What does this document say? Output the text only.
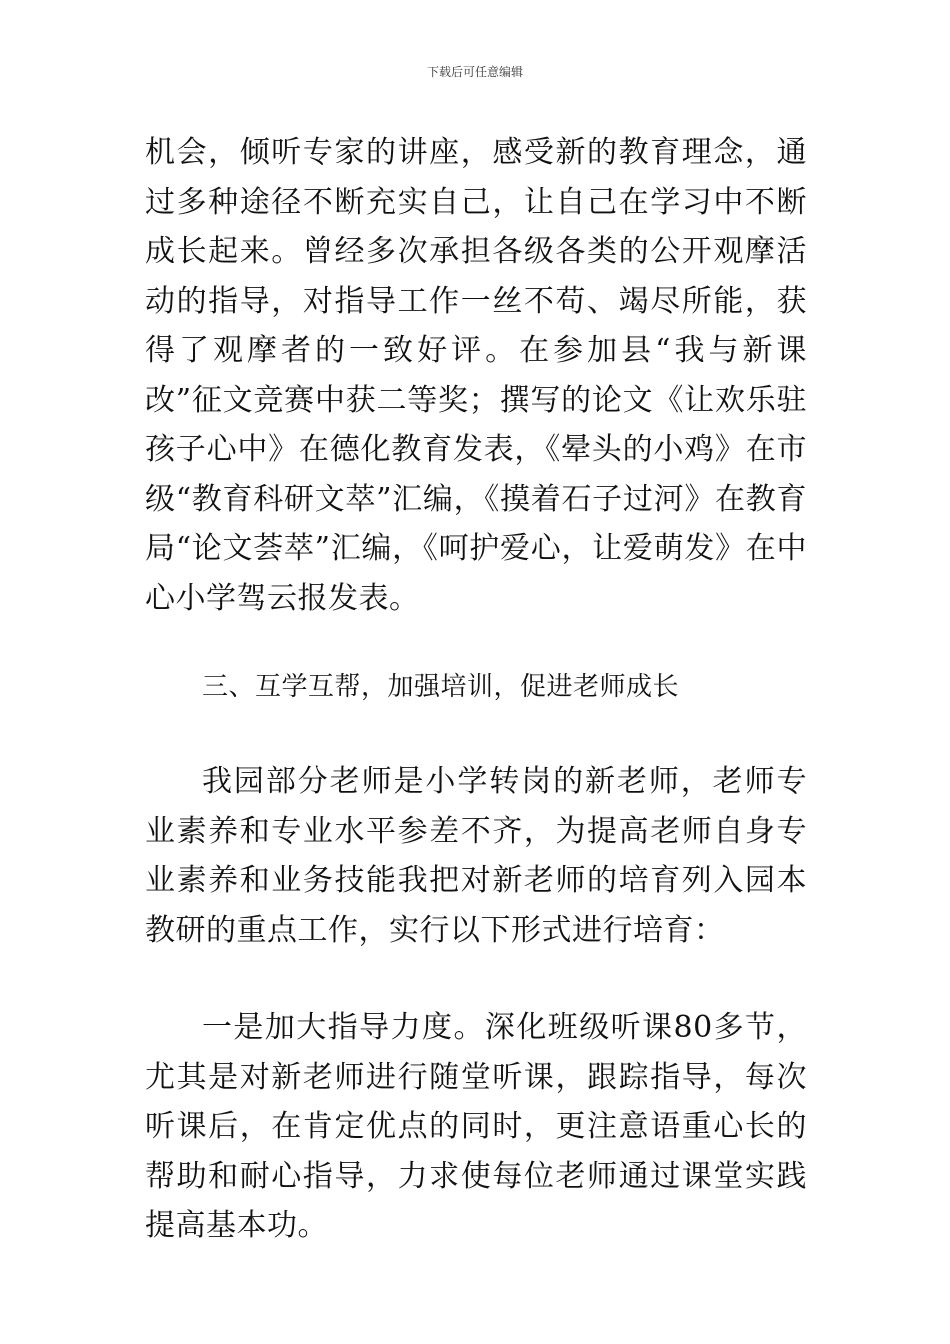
下载后可任意编辑

机会，倾听专家的讲座，感受新的教育理念，通过多种途径不断充实自己，让自己在学习中不断成长起来。曾经多次承担各级各类的公开观摩活动的指导，对指导工作一丝不苟、竭尽所能，获得了观摩者的一致好评。在参加县“我与新课改”征文竞赛中获二等奖；撰写的论文《让欢乐驻孩子心中》在德化教育发表，《晕头的小鸡》在市级“教育科研文萃”汇编，《摸着石子过河》在教育局“论文荟萃”汇编，《呵护爱心，让爱萌发》在中心小学驾云报发表。

三、互学互帮，加强培训，促进老师成长

我园部分老师是小学转岗的新老师，老师专业素养和专业水平参差不齐，为提高老师自身专业素养和业务技能我把对新老师的培育列入园本教研的重点工作，实行以下形式进行培育：

一是加大指导力度。深化班级听课80多节，尤其是对新老师进行随堂听课，跟踪指导，每次听课后，在肯定优点的同时，更注意语重心长的帮助和耐心指导，力求使每位老师通过课堂实践提高基本功。
